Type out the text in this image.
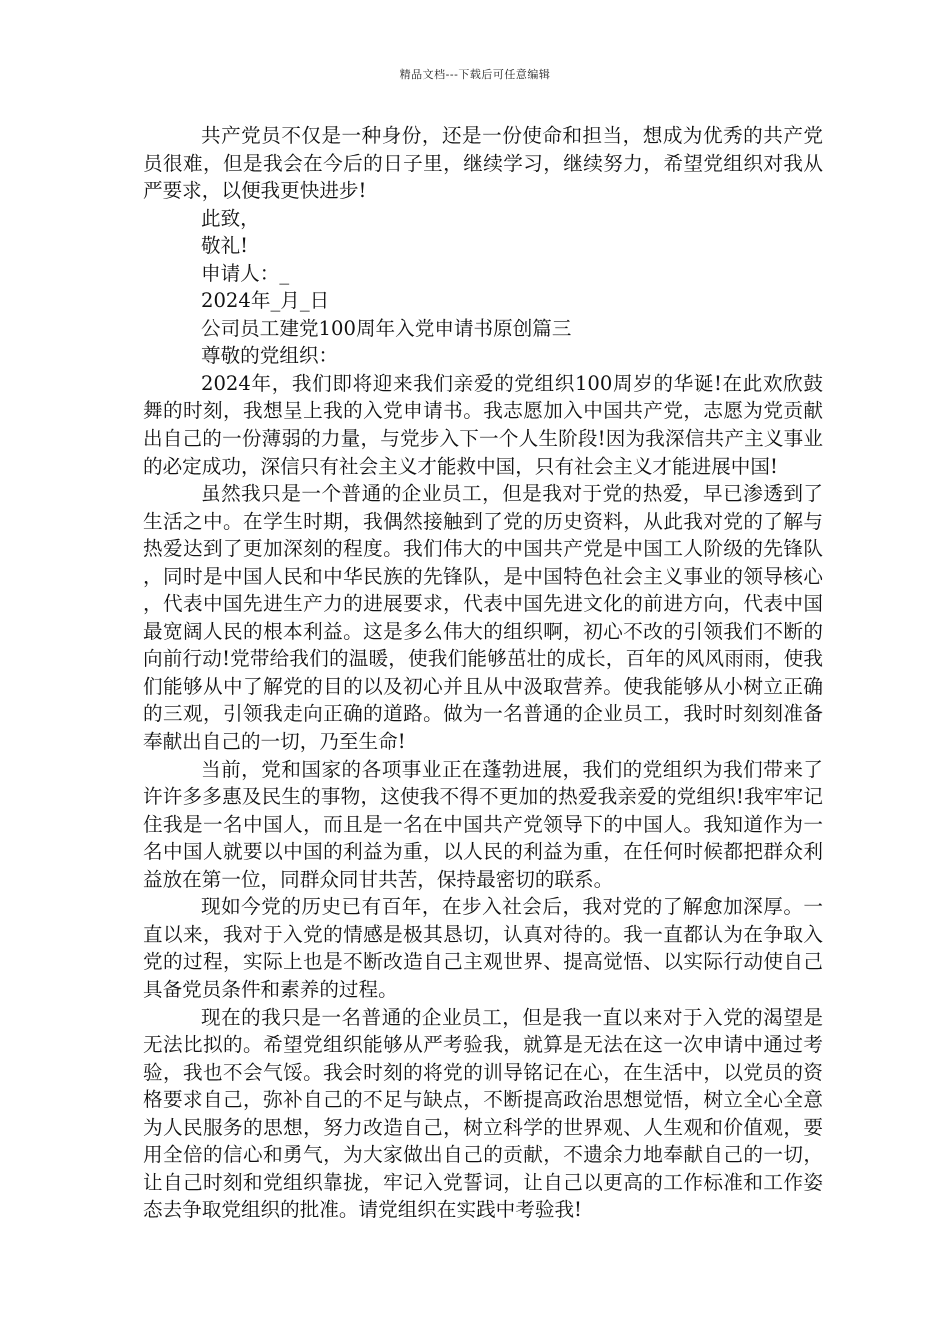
精品文档---下载后可任意编辑

共产党员不仅是一种身份，还是一份使命和担当，想成为优秀的共产党员很难，但是我会在今后的日子里，继续学习，继续努力，希望党组织对我从严要求，以便我更快进步!

此致，

敬礼!

申请人：_

2024年_月_日

公司员工建党100周年入党申请书原创篇三

尊敬的党组织：

2024年，我们即将迎来我们亲爱的党组织100周岁的华诞!在此欢欣鼓舞的时刻，我想呈上我的入党申请书。我志愿加入中国共产党，志愿为党贡献出自己的一份薄弱的力量，与党步入下一个人生阶段!因为我深信共产主义事业的必定成功，深信只有社会主义才能救中国，只有社会主义才能进展中国!

虽然我只是一个普通的企业员工，但是我对于党的热爱，早已渗透到了生活之中。在学生时期，我偶然接触到了党的历史资料，从此我对党的了解与热爱达到了更加深刻的程度。我们伟大的中国共产党是中国工人阶级的先锋队，同时是中国人民和中华民族的先锋队，是中国特色社会主义事业的领导核心，代表中国先进生产力的进展要求，代表中国先进文化的前进方向，代表中国最宽阔人民的根本利益。这是多么伟大的组织啊，初心不改的引领我们不断的向前行动!党带给我们的温暖，使我们能够茁壮的成长，百年的风风雨雨，使我们能够从中了解党的目的以及初心并且从中汲取营养。使我能够从小树立正确的三观，引领我走向正确的道路。做为一名普通的企业员工，我时时刻刻准备奉献出自己的一切，乃至生命!

当前，党和国家的各项事业正在蓬勃进展，我们的党组织为我们带来了许许多多惠及民生的事物，这使我不得不更加的热爱我亲爱的党组织!我牢牢记住我是一名中国人，而且是一名在中国共产党领导下的中国人。我知道作为一名中国人就要以中国的利益为重，以人民的利益为重，在任何时候都把群众利益放在第一位，同群众同甘共苦，保持最密切的联系。

现如今党的历史已有百年，在步入社会后，我对党的了解愈加深厚。一直以来，我对于入党的情感是极其恳切，认真对待的。我一直都认为在争取入党的过程，实际上也是不断改造自己主观世界、提高觉悟、以实际行动使自己具备党员条件和素养的过程。

现在的我只是一名普通的企业员工，但是我一直以来对于入党的渴望是无法比拟的。希望党组织能够从严考验我，就算是无法在这一次申请中通过考验，我也不会气馁。我会时刻的将党的训导铭记在心，在生活中，以党员的资格要求自己，弥补自己的不足与缺点，不断提高政治思想觉悟，树立全心全意为人民服务的思想，努力改造自己，树立科学的世界观、人生观和价值观，要用全倍的信心和勇气，为大家做出自己的贡献，不遗余力地奉献自己的一切，让自己时刻和党组织靠拢，牢记入党誓词，让自己以更高的工作标准和工作姿态去争取党组织的批准。请党组织在实践中考验我!
